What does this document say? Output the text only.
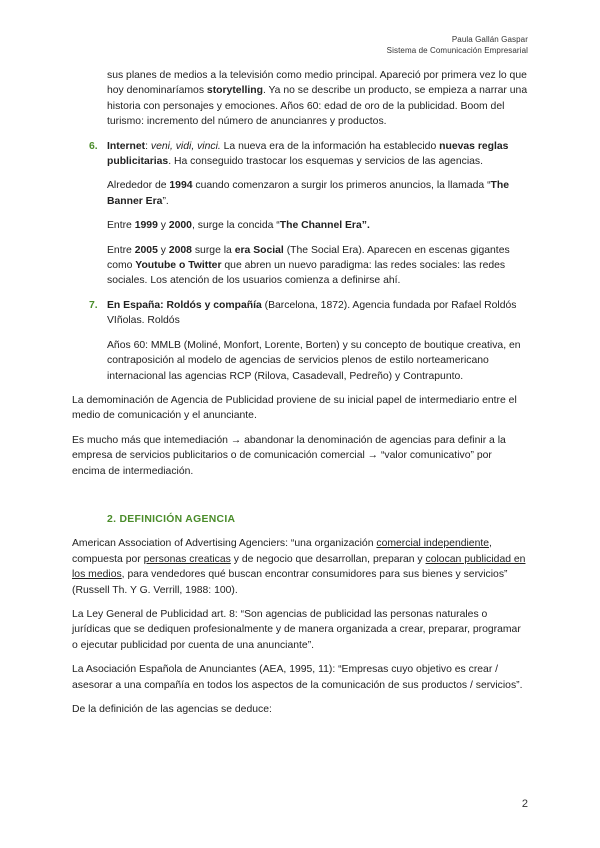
Paula Gallán Gaspar
Sistema de Comunicación Empresarial

sus planes de medios a la televisión como medio principal. Apareció por primera vez lo que hoy denominaríamos storytelling. Ya no se describe un producto, se empieza a narrar una historia con personajes y emociones. Años 60: edad de oro de la publicidad. Boom del turismo: incremento del número de anuncianres y productos.

6. Internet: veni, vidi, vinci. La nueva era de la información ha establecido nuevas reglas publicitarias. Ha conseguido trastocar los esquemas y servicios de las agencias.

Alrededor de 1994 cuando comenzaron a surgir los primeros anuncios, la llamada “The Banner Era”.

Entre 1999 y 2000, surge la concida “The Channel Era”.

Entre 2005 y 2008 surge la era Social (The Social Era). Aparecen en escenas gigantes como Youtube o Twitter que abren un nuevo paradigma: las redes sociales: las redes sociales. Los atención de los usuarios comienza a definirse ahí.

7. En España: Roldós y compañía (Barcelona, 1872). Agencia fundada por Rafael Roldós VIñolas. Roldós

Años 60: MMLB (Moliné, Monfort, Lorente, Borten) y su concepto de boutique creativa, en contraposición al modelo de agencias de servicios plenos de estilo norteamericano internacional las agencias RCP (Rilova, Casadevall, Pedreño) y Contrapunto.

La demominación de Agencia de Publicidad proviene de su inicial papel de intermediario entre el medio de comunicación y el anunciante.

Es mucho más que intemediación → abandonar la denominación de agencias para definir a la empresa de servicios publicitarios o de comunicación comercial → “valor comunicativo” por encima de intermediación.

2. DEFINICIÓN AGENCIA

American Association of Advertising Agenciers: “una organización comercial independiente, compuesta por personas creaticas y de negocio que desarrollan, preparan y colocan publicidad en los medios, para vendedores qué buscan encontrar consumidores para sus bienes y servicios” (Russell Th. Y G. Verrill, 1988: 100).

La Ley General de Publicidad art. 8: “Son agencias de publicidad las personas naturales o jurídicas que se dediquen profesionalmente y de manera organizada a crear, preparar, programar o ejecutar publicidad por cuenta de una anunciante”.

La Asociación Española de Anunciantes (AEA, 1995, 11): “Empresas cuyo objetivo es crear / asesorar a una compañía en todos los aspectos de la comunicación de sus productos / servicios”.

De la definición de las agencias se deduce:

2
